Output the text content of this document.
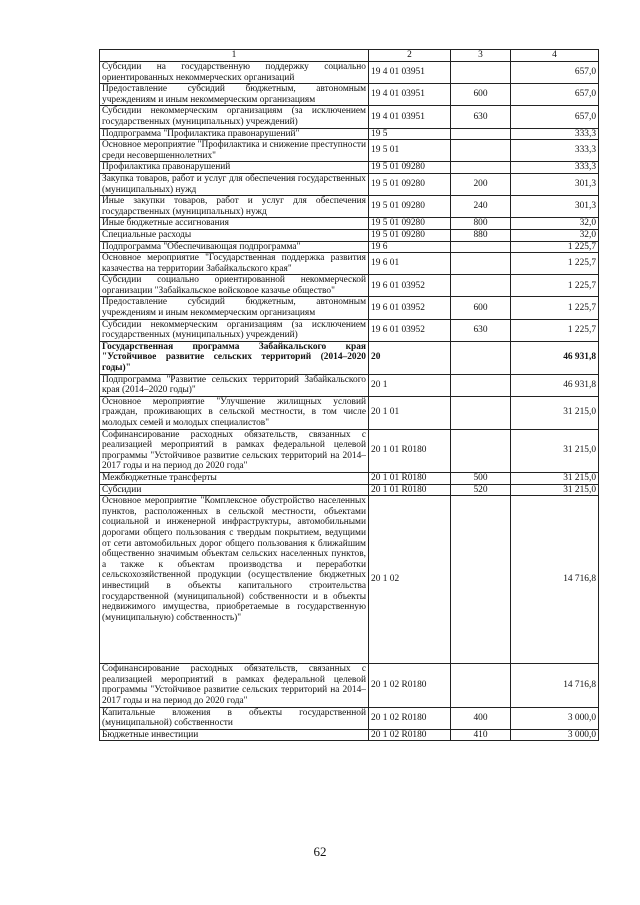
1	2	3	4
Субсидии на государственную поддержку социально ориентированных некоммерческих организаций	19 4 01 03951		657,0
Предоставление субсидий бюджетным, автономным учреждениям и иным некоммерческим организациям	19 4 01 03951	600	657,0
Субсидии некоммерческим организациям (за исключением государственных (муниципальных) учреждений)	19 4 01 03951	630	657,0
Подпрограмма "Профилактика правонарушений"	19 5		333,3
Основное мероприятие "Профилактика и снижение преступности среди несовершеннолетних"	19 5 01		333,3
Профилактика правонарушений	19 5 01 09280		333,3
Закупка товаров, работ и услуг для обеспечения государственных (муниципальных) нужд	19 5 01 09280	200	301,3
Иные закупки товаров, работ и услуг для обеспечения государственных (муниципальных) нужд	19 5 01 09280	240	301,3
Иные бюджетные ассигнования	19 5 01 09280	800	32,0
Специальные расходы	19 5 01 09280	880	32,0
Подпрограмма "Обеспечивающая подпрограмма"	19 6		1 225,7
Основное мероприятие "Государственная поддержка развития казачества на территории Забайкальского края"	19 6 01		1 225,7
Субсидии социально ориентированной некоммерческой организации "Забайкальское войсковое казачье общество"	19 6 01 03952		1 225,7
Предоставление субсидий бюджетным, автономным учреждениям и иным некоммерческим организациям	19 6 01 03952	600	1 225,7
Субсидии некоммерческим организациям (за исключением государственных (муниципальных) учреждений)	19 6 01 03952	630	1 225,7
Государственная программа Забайкальского края "Устойчивое развитие сельских территорий (2014–2020 годы)"	20		46 931,8
Подпрограмма "Развитие сельских территорий Забайкальского края (2014–2020 годы)"	20 1		46 931,8
Основное мероприятие "Улучшение жилищных условий граждан, проживающих в сельской местности, в том числе молодых семей и молодых специалистов"	20 1 01		31 215,0
Софинансирование расходных обязательств, связанных с реализацией мероприятий в рамках федеральной целевой программы "Устойчивое развитие сельских территорий на 2014–2017 годы и на период до 2020 года"	20 1 01 R0180		31 215,0
Межбюджетные трансферты	20 1 01 R0180	500	31 215,0
Субсидии	20 1 01 R0180	520	31 215,0
Основное мероприятие "Комплексное обустройство населенных пунктов, расположенных в сельской местности, объектами социальной и инженерной инфраструктуры, автомобильными дорогами общего пользования с твердым покрытием, ведущими от сети автомобильных дорог общего пользования к ближайшим общественно значимым объектам сельских населенных пунктов, а также к объектам производства и переработки сельскохозяйственной продукции (осуществление бюджетных инвестиций в объекты капитального строительства государственной (муниципальной) собственности и в объекты недвижимого имущества, приобретаемые в государственную (муниципальную) собственность)"	20 1 02		14 716,8
Софинансирование расходных обязательств, связанных с реализацией мероприятий в рамках федеральной целевой программы "Устойчивое развитие сельских территорий на 2014–2017 годы и на период до 2020 года"	20 1 02 R0180		14 716,8
Капитальные вложения в объекты государственной (муниципальной) собственности	20 1 02 R0180	400	3 000,0
Бюджетные инвестиции	20 1 02 R0180	410	3 000,0
62
